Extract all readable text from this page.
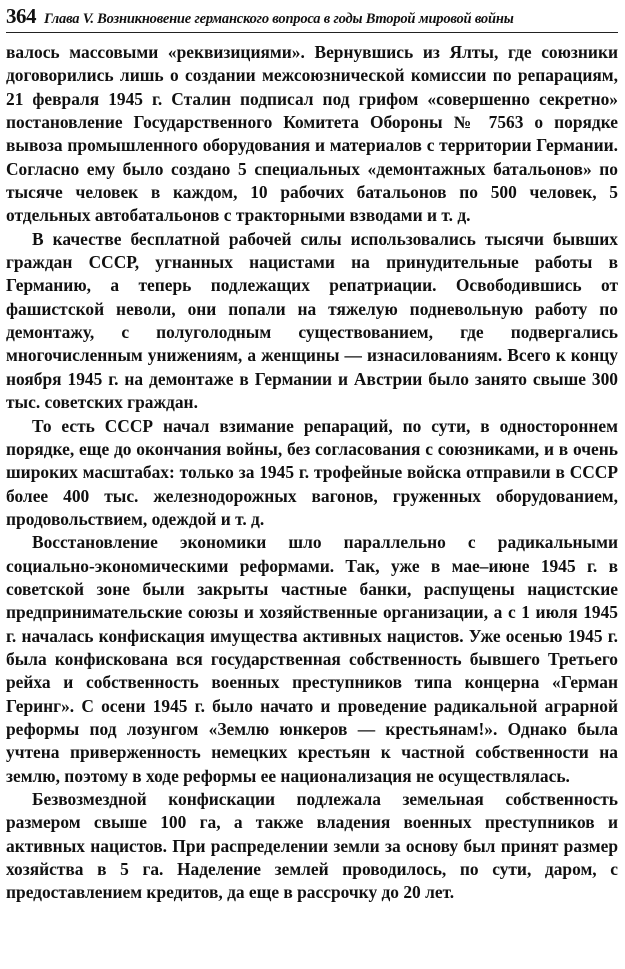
364 Глава V. Возникновение германского вопроса в годы Второй мировой войны

валось массовыми «реквизициями». Вернувшись из Ялты, где союзники договорились лишь о создании межсоюзнической комиссии по репарациям, 21 февраля 1945 г. Сталин подписал под грифом «совершенно секретно» постановление Государственного Комитета Обороны № 7563 о порядке вывоза промышленного оборудования и материалов с территории Германии. Согласно ему было создано 5 специальных «демонтажных батальонов» по тысяче человек в каждом, 10 рабочих батальонов по 500 человек, 5 отдельных автобатальонов с тракторными взводами и т. д.

В качестве бесплатной рабочей силы использовались тысячи бывших граждан СССР, угнанных нацистами на принудительные работы в Германию, а теперь подлежащих репатриации. Освободившись от фашистской неволи, они попали на тяжелую подневольную работу по демонтажу, с полуголодным существованием, где подвергались многочисленным унижениям, а женщины — изнасилованиям. Всего к концу ноября 1945 г. на демонтаже в Германии и Австрии было занято свыше 300 тыс. советских граждан.

То есть СССР начал взимание репараций, по сути, в одностороннем порядке, еще до окончания войны, без согласования с союзниками, и в очень широких масштабах: только за 1945 г. трофейные войска отправили в СССР более 400 тыс. железнодорожных вагонов, груженных оборудованием, продовольствием, одеждой и т. д.

Восстановление экономики шло параллельно с радикальными социально-экономическими реформами. Так, уже в мае–июне 1945 г. в советской зоне были закрыты частные банки, распущены нацистские предпринимательские союзы и хозяйственные организации, а с 1 июля 1945 г. началась конфискация имущества активных нацистов. Уже осенью 1945 г. была конфискована вся государственная собственность бывшего Третьего рейха и собственность военных преступников типа концерна «Герман Геринг». С осени 1945 г. было начато и проведение радикальной аграрной реформы под лозунгом «Землю юнкеров — крестьянам!». Однако была учтена приверженность немецких крестьян к частной собственности на землю, поэтому в ходе реформы ее национализация не осуществлялась.

Безвозмездной конфискации подлежала земельная собственность размером свыше 100 га, а также владения военных преступников и активных нацистов. При распределении земли за основу был принят размер хозяйства в 5 га. Наделение землей проводилось, по сути, даром, с предоставлением кредитов, да еще в рассрочку до 20 лет.
